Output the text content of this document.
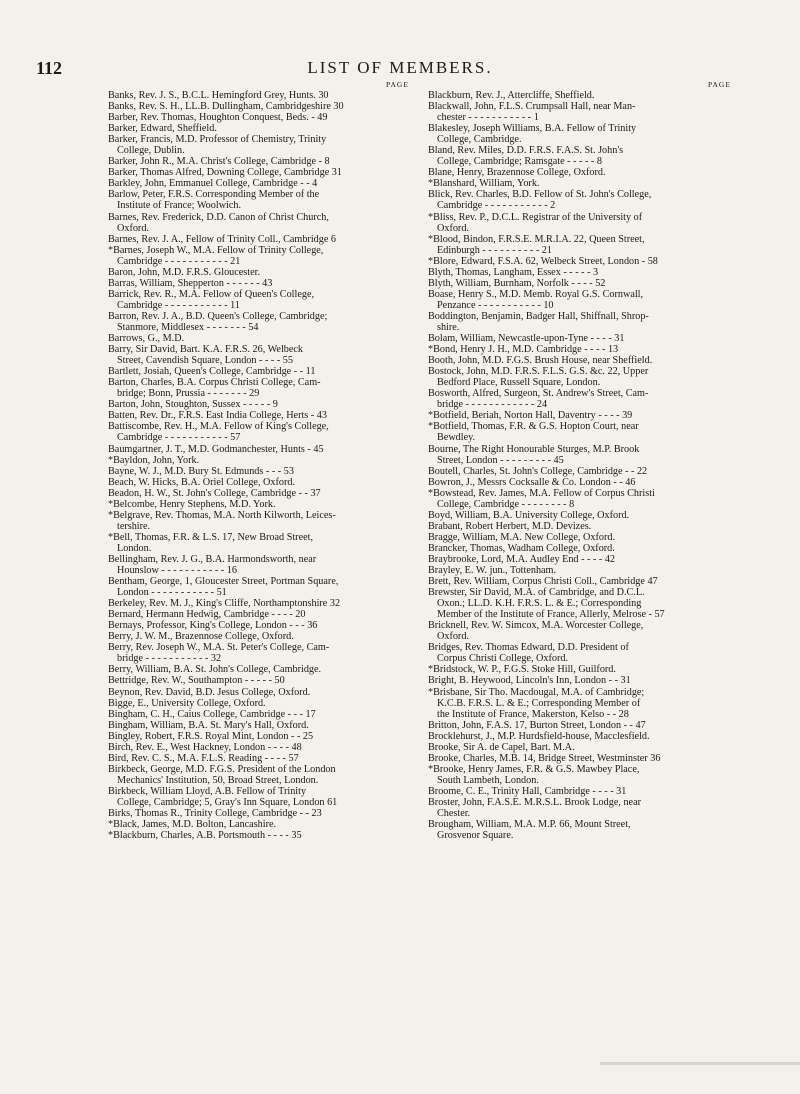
112	LIST OF MEMBERS.
PAGE	PAGE
Banks, Rev. J. S., B.C.L. Hemingford Grey, Hunts. 30
Banks, Rev. S. H., LL.B. Dullingham, Cambridgeshire 30
Barber, Rev. Thomas, Houghton Conquest, Beds. - 49
Barker, Edward, Sheffield.
Barker, Francis, M.D. Professor of Chemistry, Trinity
College, Dublin.
Barker, John R., M.A. Christ's College, Cambridge - 8
Barker, Thomas Alfred, Downing College, Cambridge 31
Barkley, John, Emmanuel College, Cambridge - - 4
Barlow, Peter, F.R.S. Corresponding Member of the
Institute of France; Woolwich.
Barnes, Rev. Frederick, D.D. Canon of Christ Church,
Oxford.
Barnes, Rev. J. A., Fellow of Trinity Coll., Cambridge 6
*Barnes, Joseph W., M.A. Fellow of Trinity College,
Cambridge - - - - - - - - - - - 21
Baron, John, M.D. F.R.S. Gloucester.
Barras, William, Shepperton - - - - - - 43
Barrick, Rev. R., M.A. Fellow of Queen's College,
Cambridge - - - - - - - - - - - 11
Barron, Rev. J. A., B.D. Queen's College, Cambridge;
Stanmore, Middlesex - - - - - - - 54
Barrows, G., M.D.
Barry, Sir David, Bart. K.A. F.R.S. 26, Welbeck
Street, Cavendish Square, London - - - - 55
Bartlett, Josiah, Queen's College, Cambridge - - 11
Barton, Charles, B.A. Corpus Christi College, Cam-
bridge; Bonn, Prussia - - - - - - - 29
Barton, John, Stoughton, Sussex - - - - - 9
Batten, Rev. Dr., F.R.S. East India College, Herts - 43
Battiscombe, Rev. H., M.A. Fellow of King's College,
Cambridge - - - - - - - - - - - 57
Baumgartner, J. T., M.D. Godmanchester, Hunts - 45
*Bayldon, John, York.
Bayne, W. J., M.D. Bury St. Edmunds - - - 53
Beach, W. Hicks, B.A. Oriel College, Oxford.
Beadon, H. W., St. John's College, Cambridge - - 37
*Belcombe, Henry Stephens, M.D. York.
*Belgrave, Rev. Thomas, M.A. North Kilworth, Leices-
tershire.
*Bell, Thomas, F.R. & L.S. 17, New Broad Street,
London.
Bellingham, Rev. J. G., B.A. Harmondsworth, near
Hounslow - - - - - - - - - - - 16
Bentham, George, 1, Gloucester Street, Portman Square,
London - - - - - - - - - - - 51
Berkeley, Rev. M. J., King's Cliffe, Northamptonshire 32
Bernard, Hermann Hedwig, Cambridge - - - - 20
Bernays, Professor, King's College, London - - - 36
Berry, J. W. M., Brazennose College, Oxford.
Berry, Rev. Joseph W., M.A. St. Peter's College, Cam-
bridge - - - - - - - - - - - 32
Berry, William, B.A. St. John's College, Cambridge.
Bettridge, Rev. W., Southampton - - - - - 50
Beynon, Rev. David, B.D. Jesus College, Oxford.
Bigge, E., University College, Oxford.
Bingham, C. H., Caius College, Cambridge - - - 17
Bingham, William, B.A. St. Mary's Hall, Oxford.
Bingley, Robert, F.R.S. Royal Mint, London - - 25
Birch, Rev. E., West Hackney, London - - - - 48
Bird, Rev. C. S., M.A. F.L.S. Reading - - - - 57
Birkbeck, George, M.D. F.G.S. President of the London
Mechanics' Institution, 50, Broad Street, London.
Birkbeck, William Lloyd, A.B. Fellow of Trinity
College, Cambridge; 5, Gray's Inn Square, London 61
Birks, Thomas R., Trinity College, Cambridge - - 23
*Black, James, M.D. Bolton, Lancashire.
*Blackburn, Charles, A.B. Portsmouth - - - - 35
Blackburn, Rev. J., Attercliffe, Sheffield.
Blackwall, John, F.L.S. Crumpsall Hall, near Man-
chester - - - - - - - - - - - 1
Blakesley, Joseph Williams, B.A. Fellow of Trinity
College, Cambridge.
Bland, Rev. Miles, D.D. F.R.S. F.A.S. St. John's
College, Cambridge; Ramsgate - - - - - 8
Blane, Henry, Brazennose College, Oxford.
*Blanshard, William, York.
Blick, Rev. Charles, B.D. Fellow of St. John's College,
Cambridge - - - - - - - - - - - 2
*Bliss, Rev. P., D.C.L. Registrar of the University of
Oxford.
*Blood, Bindon, F.R.S.E. M.R.I.A. 22, Queen Street,
Edinburgh - - - - - - - - - - 21
*Blore, Edward, F.S.A. 62, Welbeck Street, London - 58
Blyth, Thomas, Langham, Essex - - - - - 3
Blyth, William, Burnham, Norfolk - - - - 52
Boase, Henry S., M.D. Memb. Royal G.S. Cornwall,
Penzance - - - - - - - - - - - 10
Boddington, Benjamin, Badger Hall, Shiffnall, Shrop-
shire.
Bolam, William, Newcastle-upon-Tyne - - - - 31
*Bond, Henry J. H., M.D. Cambridge - - - - 13
Booth, John, M.D. F.G.S. Brush House, near Sheffield.
Bostock, John, M.D. F.R.S. F.L.S. G.S. &c. 22, Upper
Bedford Place, Russell Square, London.
Bosworth, Alfred, Surgeon, St. Andrew's Street, Cam-
bridge - - - - - - - - - - - - 24
*Botfield, Beriah, Norton Hall, Daventry - - - - 39
*Botfield, Thomas, F.R. & G.S. Hopton Court, near
Bewdley.
Bourne, The Right Honourable Sturges, M.P. Brook
Street, London - - - - - - - - - 45
Boutell, Charles, St. John's College, Cambridge - - 22
Bowron, J., Messrs Cocksalle & Co. London - - 46
*Bowstead, Rev. James, M.A. Fellow of Corpus Christi
College, Cambridge - - - - - - - - 8
Boyd, William, B.A. University College, Oxford.
Brabant, Robert Herbert, M.D. Devizes.
Bragge, William, M.A. New College, Oxford.
Brancker, Thomas, Wadham College, Oxford.
Braybrooke, Lord, M.A. Audley End - - - - 42
Brayley, E. W. jun., Tottenham.
Brett, Rev. William, Corpus Christi Coll., Cambridge 47
Brewster, Sir David, M.A. of Cambridge, and D.C.L.
Oxon.; LL.D. K.H. F.R.S. L. & E.; Corresponding
Member of the Institute of France, Allerly, Melrose - 57
Bricknell, Rev. W. Simcox, M.A. Worcester College,
Oxford.
Bridges, Rev. Thomas Edward, D.D. President of
Corpus Christi College, Oxford.
*Bridstock, W. P., F.G.S. Stoke Hill, Guilford.
Bright, B. Heywood, Lincoln's Inn, London - - 31
*Brisbane, Sir Tho. Macdougal, M.A. of Cambridge;
K.C.B. F.R.S. L. & E.; Corresponding Member of
the Institute of France, Makerston, Kelso - - 28
Britton, John, F.A.S. 17, Burton Street, London - - 47
Brocklehurst, J., M.P. Hurdsfield-house, Macclesfield.
Brooke, Sir A. de Capel, Bart. M.A.
Brooke, Charles, M.B. 14, Bridge Street, Westminster 36
*Brooke, Henry James, F.R. & G.S. Mawbey Place,
South Lambeth, London.
Broome, C. E., Trinity Hall, Cambridge - - - - 31
Broster, John, F.A.S.E. M.R.S.L. Brook Lodge, near
Chester.
Brougham, William, M.A. M.P. 66, Mount Street,
Grosvenor Square.
